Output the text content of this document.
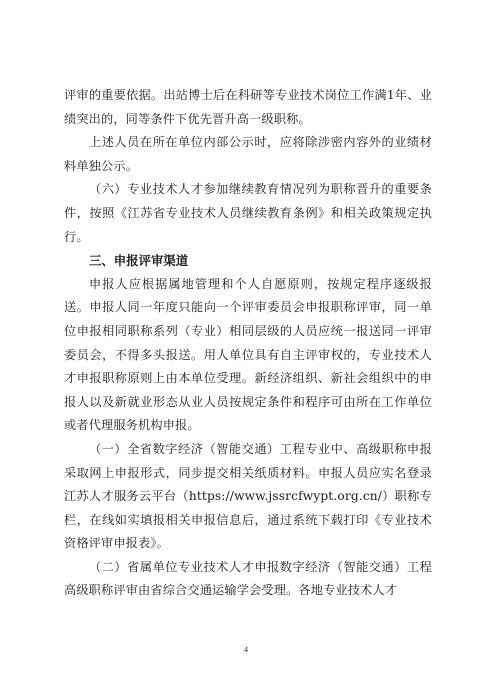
评审的重要依据。出站博士后在科研等专业技术岗位工作满1年、业绩突出的，同等条件下优先晋升高一级职称。

上述人员在所在单位内部公示时，应将除涉密内容外的业绩材料单独公示。

（六）专业技术人才参加继续教育情况列为职称晋升的重要条件，按照《江苏省专业技术人员继续教育条例》和相关政策规定执行。

三、申报评审渠道

申报人应根据属地管理和个人自愿原则，按规定程序逐级报送。申报人同一年度只能向一个评审委员会申报职称评审，同一单位申报相同职称系列（专业）相同层级的人员应统一报送同一评审委员会，不得多头报送。用人单位具有自主评审权的，专业技术人才申报职称原则上由本单位受理。新经济组织、新社会组织中的申报人以及新就业形态从业人员按规定条件和程序可由所在工作单位或者代理服务机构申报。

（一）全省数字经济（智能交通）工程专业中、高级职称申报采取网上申报形式，同步提交相关纸质材料。申报人员应实名登录江苏人才服务云平台（https://www.jssrcfwypt.org.cn/）职称专栏，在线如实填报相关申报信息后，通过系统下载打印《专业技术资格评审申报表》。

（二）省属单位专业技术人才申报数字经济（智能交通）工程高级职称评审由省综合交通运输学会受理。各地专业技术人才

4
